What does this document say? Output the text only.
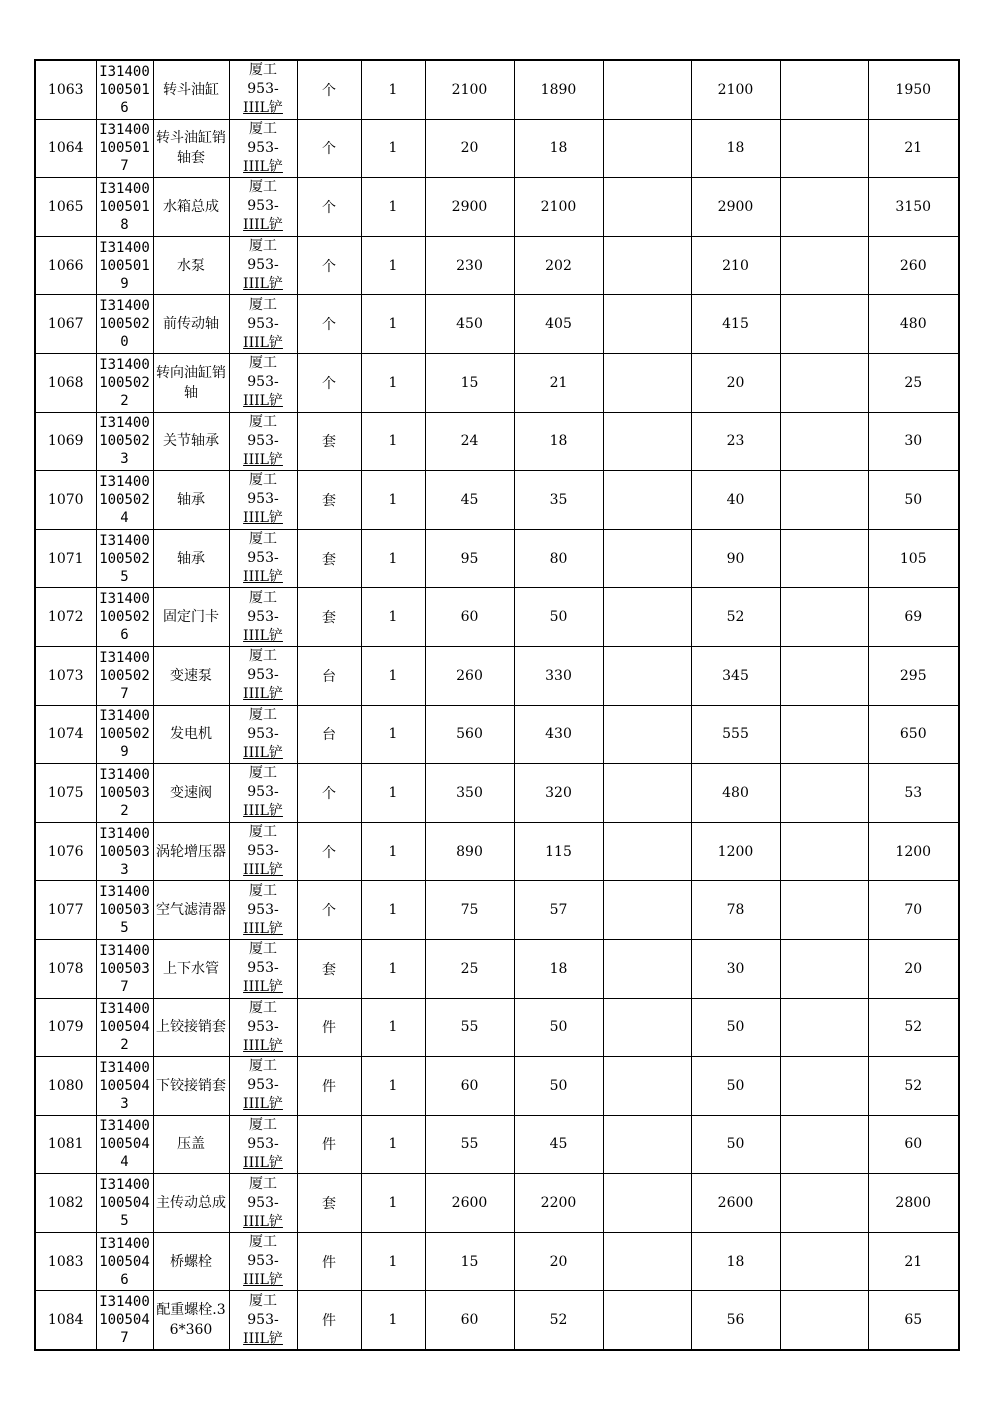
1063	I314001005016	转斗油缸	厦工
953-
IIIL铲	个	1	2100	1890		2100		1950
1064	I314001005017	转斗油缸销轴套	厦工
953-
IIIL铲	个	1	20	18		18		21
1065	I314001005018	水箱总成	厦工
953-
IIIL铲	个	1	2900	2100		2900		3150
1066	I314001005019	水泵	厦工
953-
IIIL铲	个	1	230	202		210		260
1067	I314001005020	前传动轴	厦工
953-
IIIL铲	个	1	450	405		415		480
1068	I314001005022	转向油缸销轴	厦工
953-
IIIL铲	个	1	15	21		20		25
1069	I314001005023	关节轴承	厦工
953-
IIIL铲	套	1	24	18		23		30
1070	I314001005024	轴承	厦工
953-
IIIL铲	套	1	45	35		40		50
1071	I314001005025	轴承	厦工
953-
IIIL铲	套	1	95	80		90		105
1072	I314001005026	固定门卡	厦工
953-
IIIL铲	套	1	60	50		52		69
1073	I314001005027	变速泵	厦工
953-
IIIL铲	台	1	260	330		345		295
1074	I314001005029	发电机	厦工
953-
IIIL铲	台	1	560	430		555		650
1075	I314001005032	变速阀	厦工
953-
IIIL铲	个	1	350	320		480		53
1076	I314001005033	涡轮增压器	厦工
953-
IIIL铲	个	1	890	115		1200		1200
1077	I314001005035	空气滤清器	厦工
953-
IIIL铲	个	1	75	57		78		70
1078	I314001005037	上下水管	厦工
953-
IIIL铲	套	1	25	18		30		20
1079	I314001005042	上铰接销套	厦工
953-
IIIL铲	件	1	55	50		50		52
1080	I314001005043	下铰接销套	厦工
953-
IIIL铲	件	1	60	50		50		52
1081	I314001005044	压盖	厦工
953-
IIIL铲	件	1	55	45		50		60
1082	I314001005045	主传动总成	厦工
953-
IIIL铲	套	1	2600	2200		2600		2800
1083	I314001005046	桥螺栓	厦工
953-
IIIL铲	件	1	15	20		18		21
1084	I314001005047	配重螺栓.36*360	厦工
953-
IIIL铲	件	1	60	52		56		65
